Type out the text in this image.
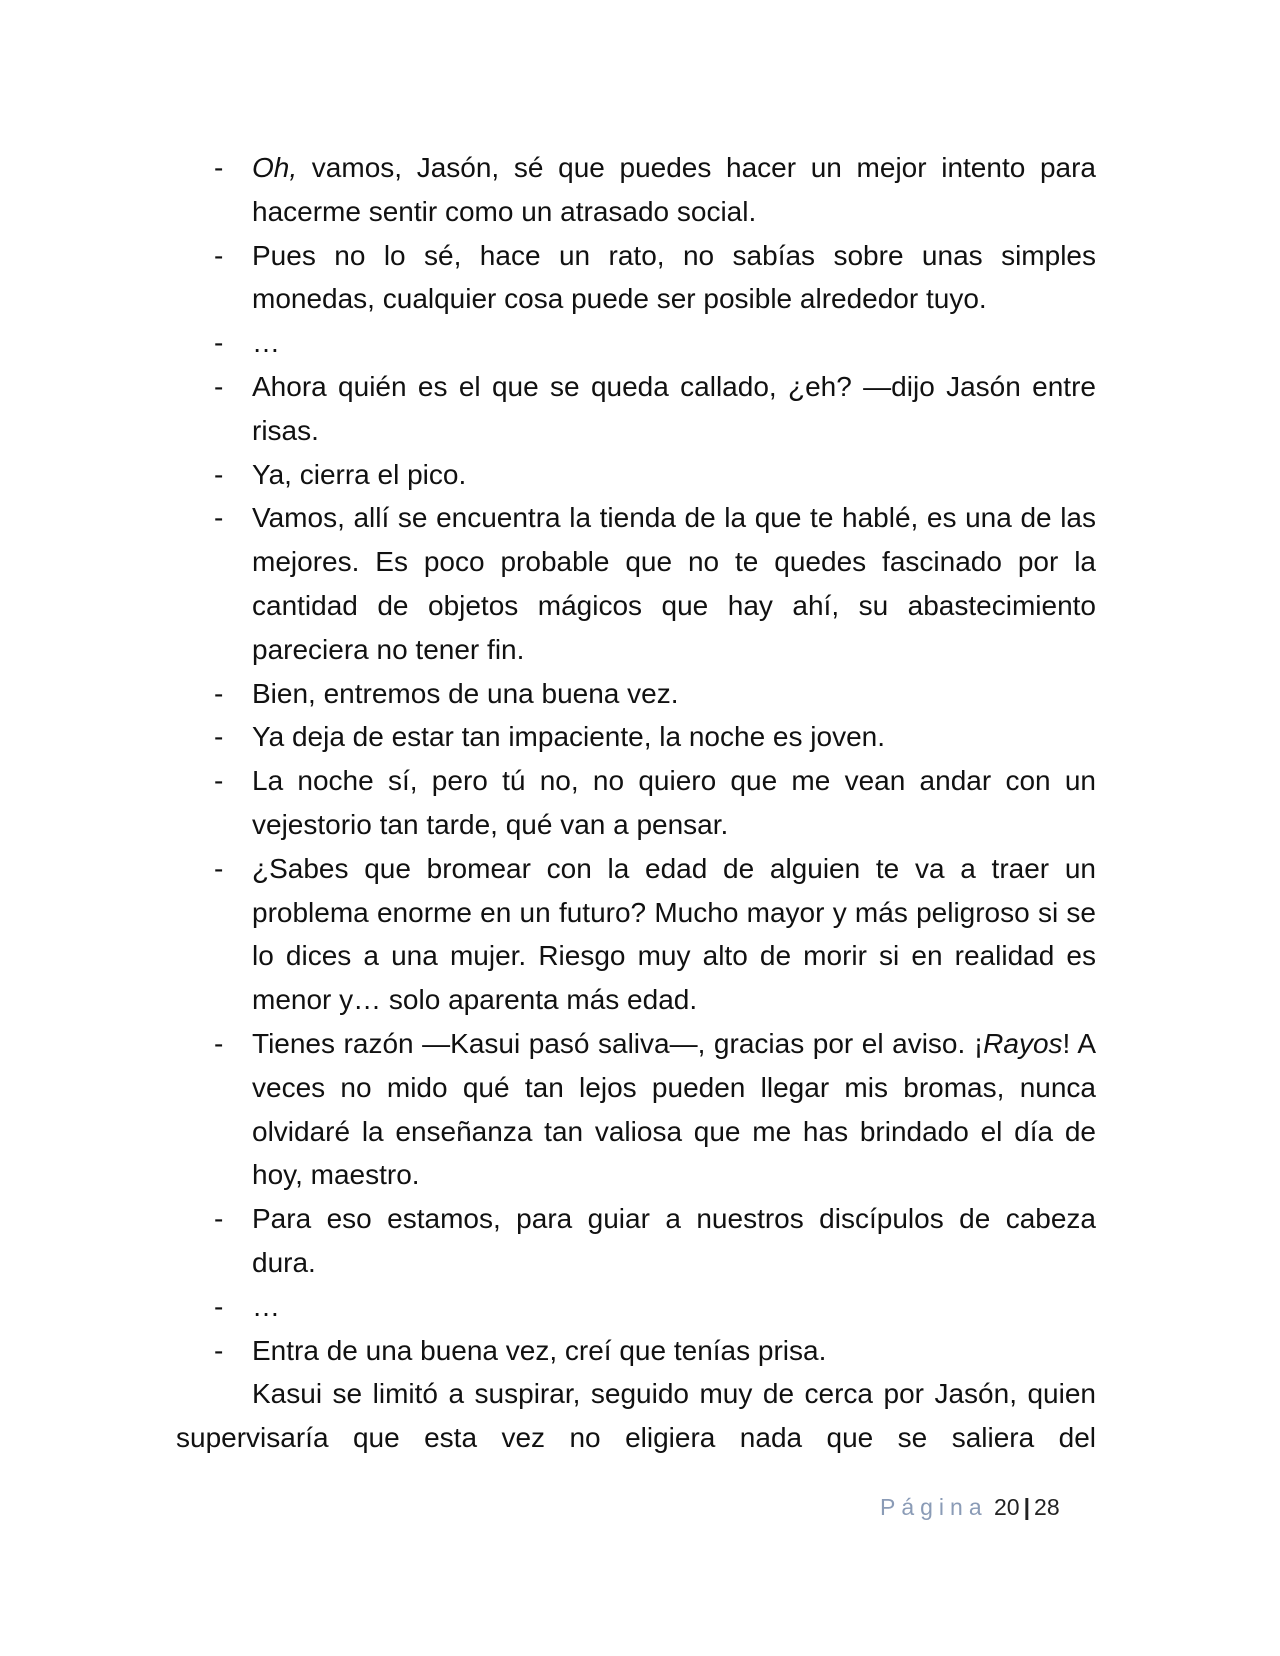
- Oh, vamos, Jasón, sé que puedes hacer un mejor intento para hacerme sentir como un atrasado social.
- Pues no lo sé, hace un rato, no sabías sobre unas simples monedas, cualquier cosa puede ser posible alrededor tuyo.
- …
- Ahora quién es el que se queda callado, ¿eh? —dijo Jasón entre risas.
- Ya, cierra el pico.
- Vamos, allí se encuentra la tienda de la que te hablé, es una de las mejores. Es poco probable que no te quedes fascinado por la cantidad de objetos mágicos que hay ahí, su abastecimiento pareciera no tener fin.
- Bien, entremos de una buena vez.
- Ya deja de estar tan impaciente, la noche es joven.
- La noche sí, pero tú no, no quiero que me vean andar con un vejestorio tan tarde, qué van a pensar.
- ¿Sabes que bromear con la edad de alguien te va a traer un problema enorme en un futuro? Mucho mayor y más peligroso si se lo dices a una mujer. Riesgo muy alto de morir si en realidad es menor y… solo aparenta más edad.
- Tienes razón —Kasui pasó saliva—, gracias por el aviso. ¡Rayos! A veces no mido qué tan lejos pueden llegar mis bromas, nunca olvidaré la enseñanza tan valiosa que me has brindado el día de hoy, maestro.
- Para eso estamos, para guiar a nuestros discípulos de cabeza dura.
- …
- Entra de una buena vez, creí que tenías prisa.

Kasui se limitó a suspirar, seguido muy de cerca por Jasón, quien supervisaría que esta vez no eligiera nada que se saliera del

Página 20 | 28
